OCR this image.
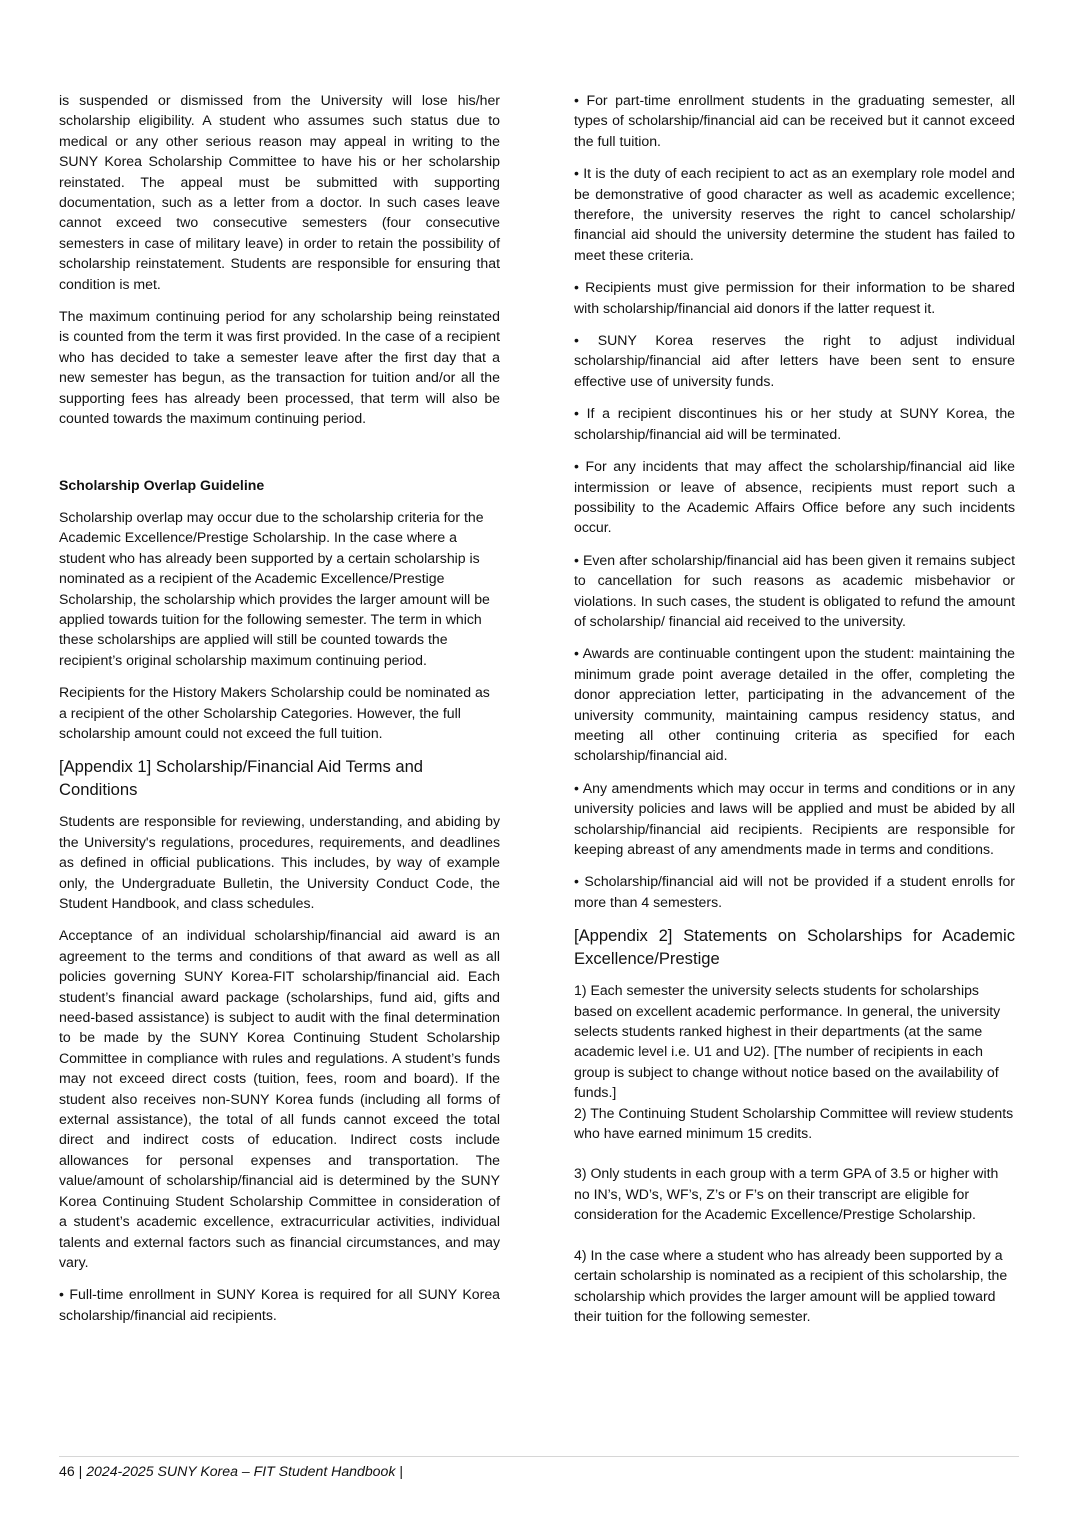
is suspended or dismissed from the University will lose his/her scholarship eligibility. A student who assumes such status due to medical or any other serious reason may appeal in writing to the SUNY Korea Scholarship Committee to have his or her scholarship reinstated. The appeal must be submitted with supporting documentation, such as a letter from a doctor. In such cases leave cannot exceed two consecutive semesters (four consecutive semesters in case of military leave) in order to retain the possibility of scholarship reinstatement. Students are responsible for ensuring that condition is met.

The maximum continuing period for any scholarship being reinstated is counted from the term it was first provided. In the case of a recipient who has decided to take a semester leave after the first day that a new semester has begun, as the transaction for tuition and/or all the supporting fees has already been processed, that term will also be counted towards the maximum continuing period.

Scholarship Overlap Guideline

Scholarship overlap may occur due to the scholarship criteria for the Academic Excellence/Prestige Scholarship. In the case where a student who has already been supported by a certain scholarship is nominated as a recipient of the Academic Excellence/Prestige Scholarship, the scholarship which provides the larger amount will be applied towards tuition for the following semester. The term in which these scholarships are applied will still be counted towards the recipient’s original scholarship maximum continuing period.

Recipients for the History Makers Scholarship could be nominated as a recipient of the other Scholarship Categories. However, the full scholarship amount could not exceed the full tuition.

[Appendix 1] Scholarship/Financial Aid Terms and Conditions

Students are responsible for reviewing, understanding, and abiding by the University's regulations, procedures, requirements, and deadlines as defined in official publications. This includes, by way of example only, the Undergraduate Bulletin, the University Conduct Code, the Student Handbook, and class schedules.

Acceptance of an individual scholarship/financial aid award is an agreement to the terms and conditions of that award as well as all policies governing SUNY Korea-FIT scholarship/financial aid. Each student’s financial award package (scholarships, fund aid, gifts and need-based assistance) is subject to audit with the final determination to be made by the SUNY Korea Continuing Student Scholarship Committee in compliance with rules and regulations. A student’s funds may not exceed direct costs (tuition, fees, room and board). If the student also receives non-SUNY Korea funds (including all forms of external assistance), the total of all funds cannot exceed the total direct and indirect costs of education. Indirect costs include allowances for personal expenses and transportation. The value/amount of scholarship/financial aid is determined by the SUNY Korea Continuing Student Scholarship Committee in consideration of a student’s academic excellence, extracurricular activities, individual talents and external factors such as financial circumstances, and may vary.

• Full-time enrollment in SUNY Korea is required for all SUNY Korea scholarship/financial aid recipients.

• For part-time enrollment students in the graduating semester, all types of scholarship/financial aid can be received but it cannot exceed the full tuition.

• It is the duty of each recipient to act as an exemplary role model and be demonstrative of good character as well as academic excellence; therefore, the university reserves the right to cancel scholarship/ financial aid should the university determine the student has failed to meet these criteria.

• Recipients must give permission for their information to be shared with scholarship/financial aid donors if the latter request it.

• SUNY Korea reserves the right to adjust individual scholarship/financial aid after letters have been sent to ensure effective use of university funds.

• If a recipient discontinues his or her study at SUNY Korea, the scholarship/financial aid will be terminated.

• For any incidents that may affect the scholarship/financial aid like intermission or leave of absence, recipients must report such a possibility to the Academic Affairs Office before any such incidents occur.

• Even after scholarship/financial aid has been given it remains subject to cancellation for such reasons as academic misbehavior or violations. In such cases, the student is obligated to refund the amount of scholarship/ financial aid received to the university.

• Awards are continuable contingent upon the student: maintaining the minimum grade point average detailed in the offer, completing the donor appreciation letter, participating in the advancement of the university community, maintaining campus residency status, and meeting all other continuing criteria as specified for each scholarship/financial aid.

• Any amendments which may occur in terms and conditions or in any university policies and laws will be applied and must be abided by all scholarship/financial aid recipients. Recipients are responsible for keeping abreast of any amendments made in terms and conditions.

• Scholarship/financial aid will not be provided if a student enrolls for more than 4 semesters.

[Appendix 2] Statements on Scholarships for Academic Excellence/Prestige

1) Each semester the university selects students for scholarships based on excellent academic performance. In general, the university selects students ranked highest in their departments (at the same academic level i.e. U1 and U2). [The number of recipients in each group is subject to change without notice based on the availability of funds.]

2) The Continuing Student Scholarship Committee will review students who have earned minimum 15 credits.

3) Only students in each group with a term GPA of 3.5 or higher with no IN’s, WD’s, WF’s, Z’s or F’s on their transcript are eligible for consideration for the Academic Excellence/Prestige Scholarship.

4) In the case where a student who has already been supported by a certain scholarship is nominated as a recipient of this scholarship, the scholarship which provides the larger amount will be applied toward their tuition for the following semester.

46 | 2024-2025 SUNY Korea – FIT Student Handbook |
